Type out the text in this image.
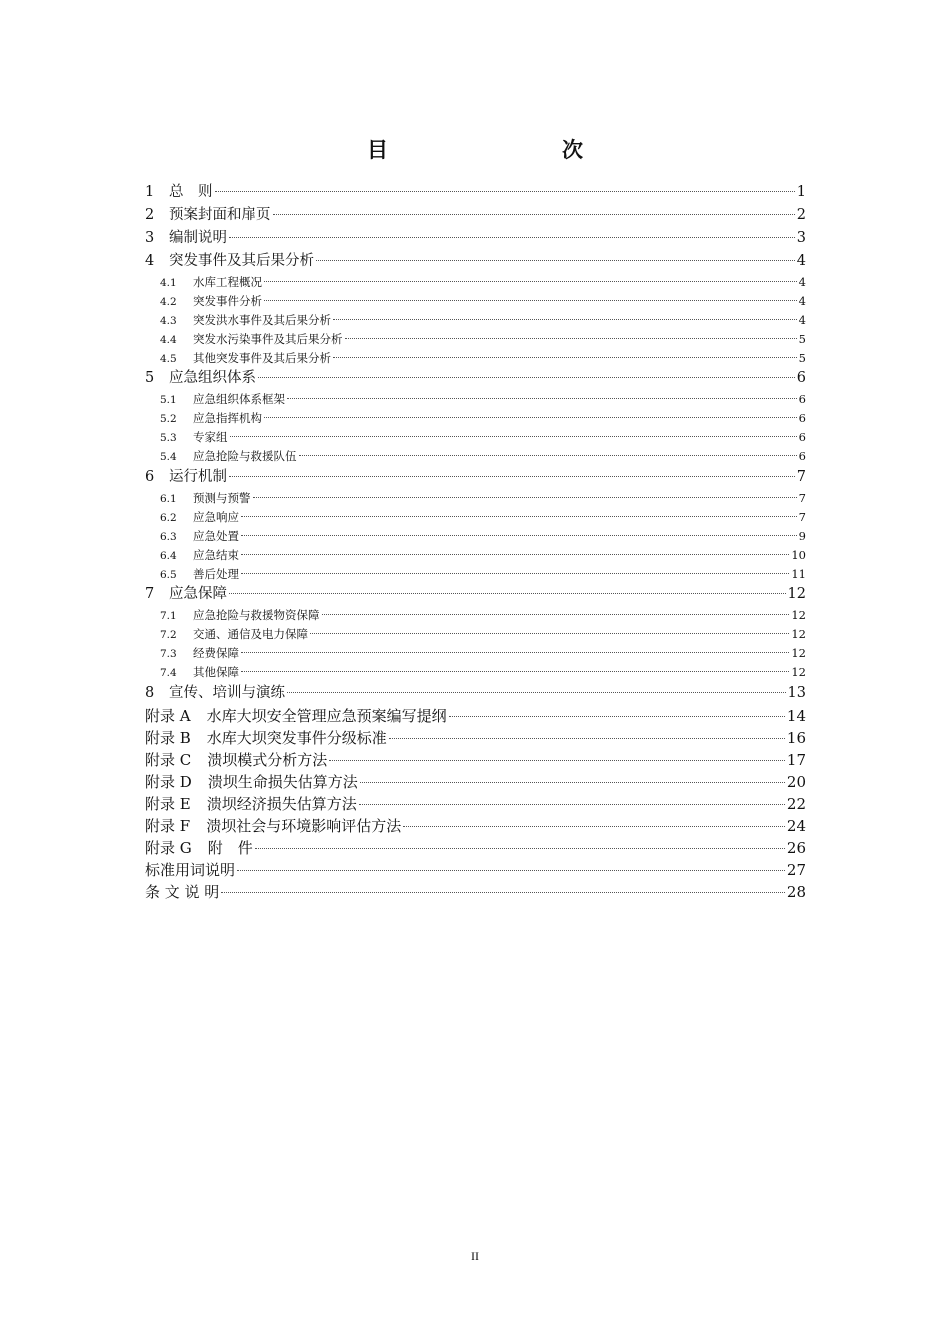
目　　次
1	总　则	1
2	预案封面和扉页	2
3	编制说明	3
4	突发事件及其后果分析	4
4.1	水库工程概况	4
4.2	突发事件分析	4
4.3	突发洪水事件及其后果分析	4
4.4	突发水污染事件及其后果分析	5
4.5	其他突发事件及其后果分析	5
5	应急组织体系	6
5.1	应急组织体系框架	6
5.2	应急指挥机构	6
5.3	专家组	6
5.4	应急抢险与救援队伍	6
6	运行机制	7
6.1	预测与预警	7
6.2	应急响应	7
6.3	应急处置	9
6.4	应急结束	10
6.5	善后处理	11
7	应急保障	12
7.1	应急抢险与救援物资保障	12
7.2	交通、通信及电力保障	12
7.3	经费保障	12
7.4	其他保障	12
8	宣传、培训与演练	13
附录 A 水库大坝安全管理应急预案编写提纲	14
附录 B 水库大坝突发事件分级标准	16
附录 C 溃坝模式分析方法	17
附录 D 溃坝生命损失估算方法	20
附录 E 溃坝经济损失估算方法	22
附录 F 溃坝社会与环境影响评估方法	24
附录 G 附　件	26
标准用词说明	27
条 文 说 明	28
II
